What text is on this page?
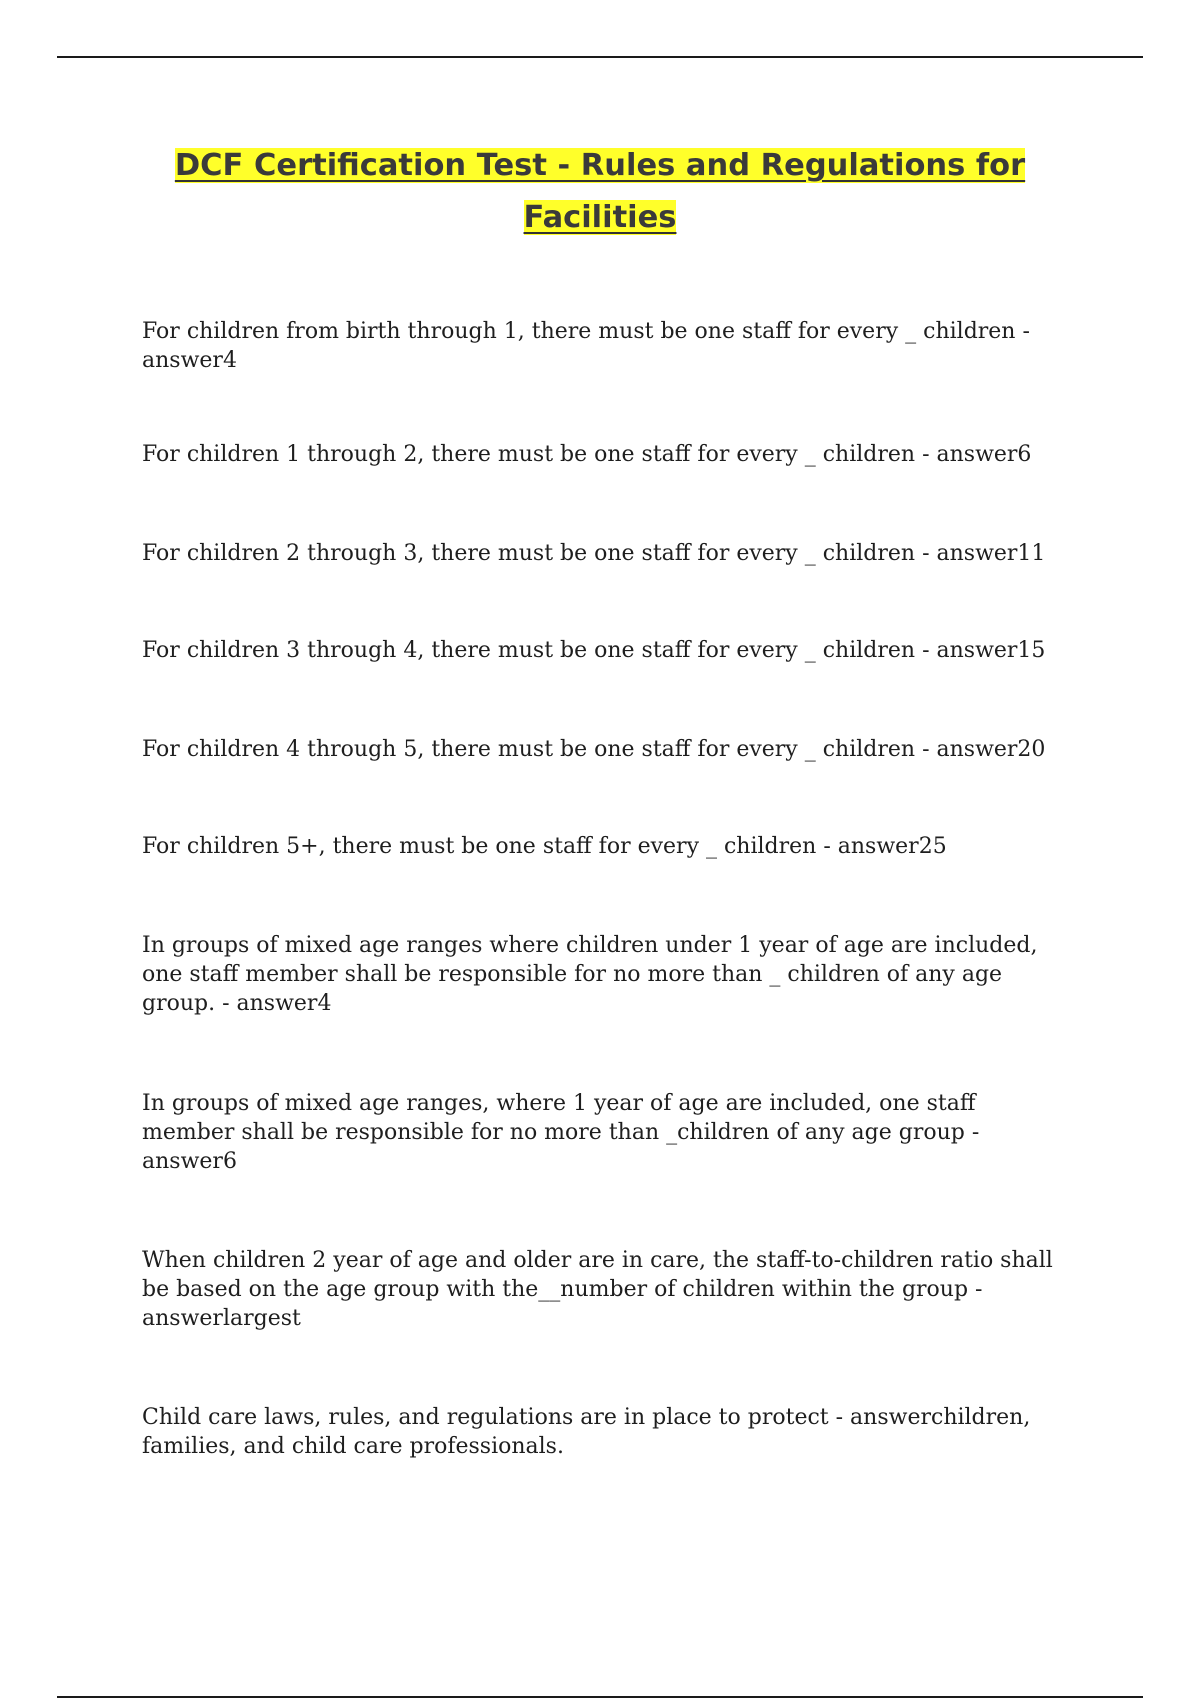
DCF Certification Test - Rules and Regulations for
Facilities

For children from birth through 1, there must be one staff for every _ children -
answer4

For children 1 through 2, there must be one staff for every _ children - answer6

For children 2 through 3, there must be one staff for every _ children - answer11

For children 3 through 4, there must be one staff for every _ children - answer15

For children 4 through 5, there must be one staff for every _ children - answer20

For children 5+, there must be one staff for every _ children - answer25

In groups of mixed age ranges where children under 1 year of age are included,
one staff member shall be responsible for no more than _ children of any age
group. - answer4

In groups of mixed age ranges, where 1 year of age are included, one staff
member shall be responsible for no more than _children of any age group -
answer6

When children 2 year of age and older are in care, the staff-to-children ratio shall
be based on the age group with the__number of children within the group -
answerlargest

Child care laws, rules, and regulations are in place to protect - answerchildren,
families, and child care professionals.
